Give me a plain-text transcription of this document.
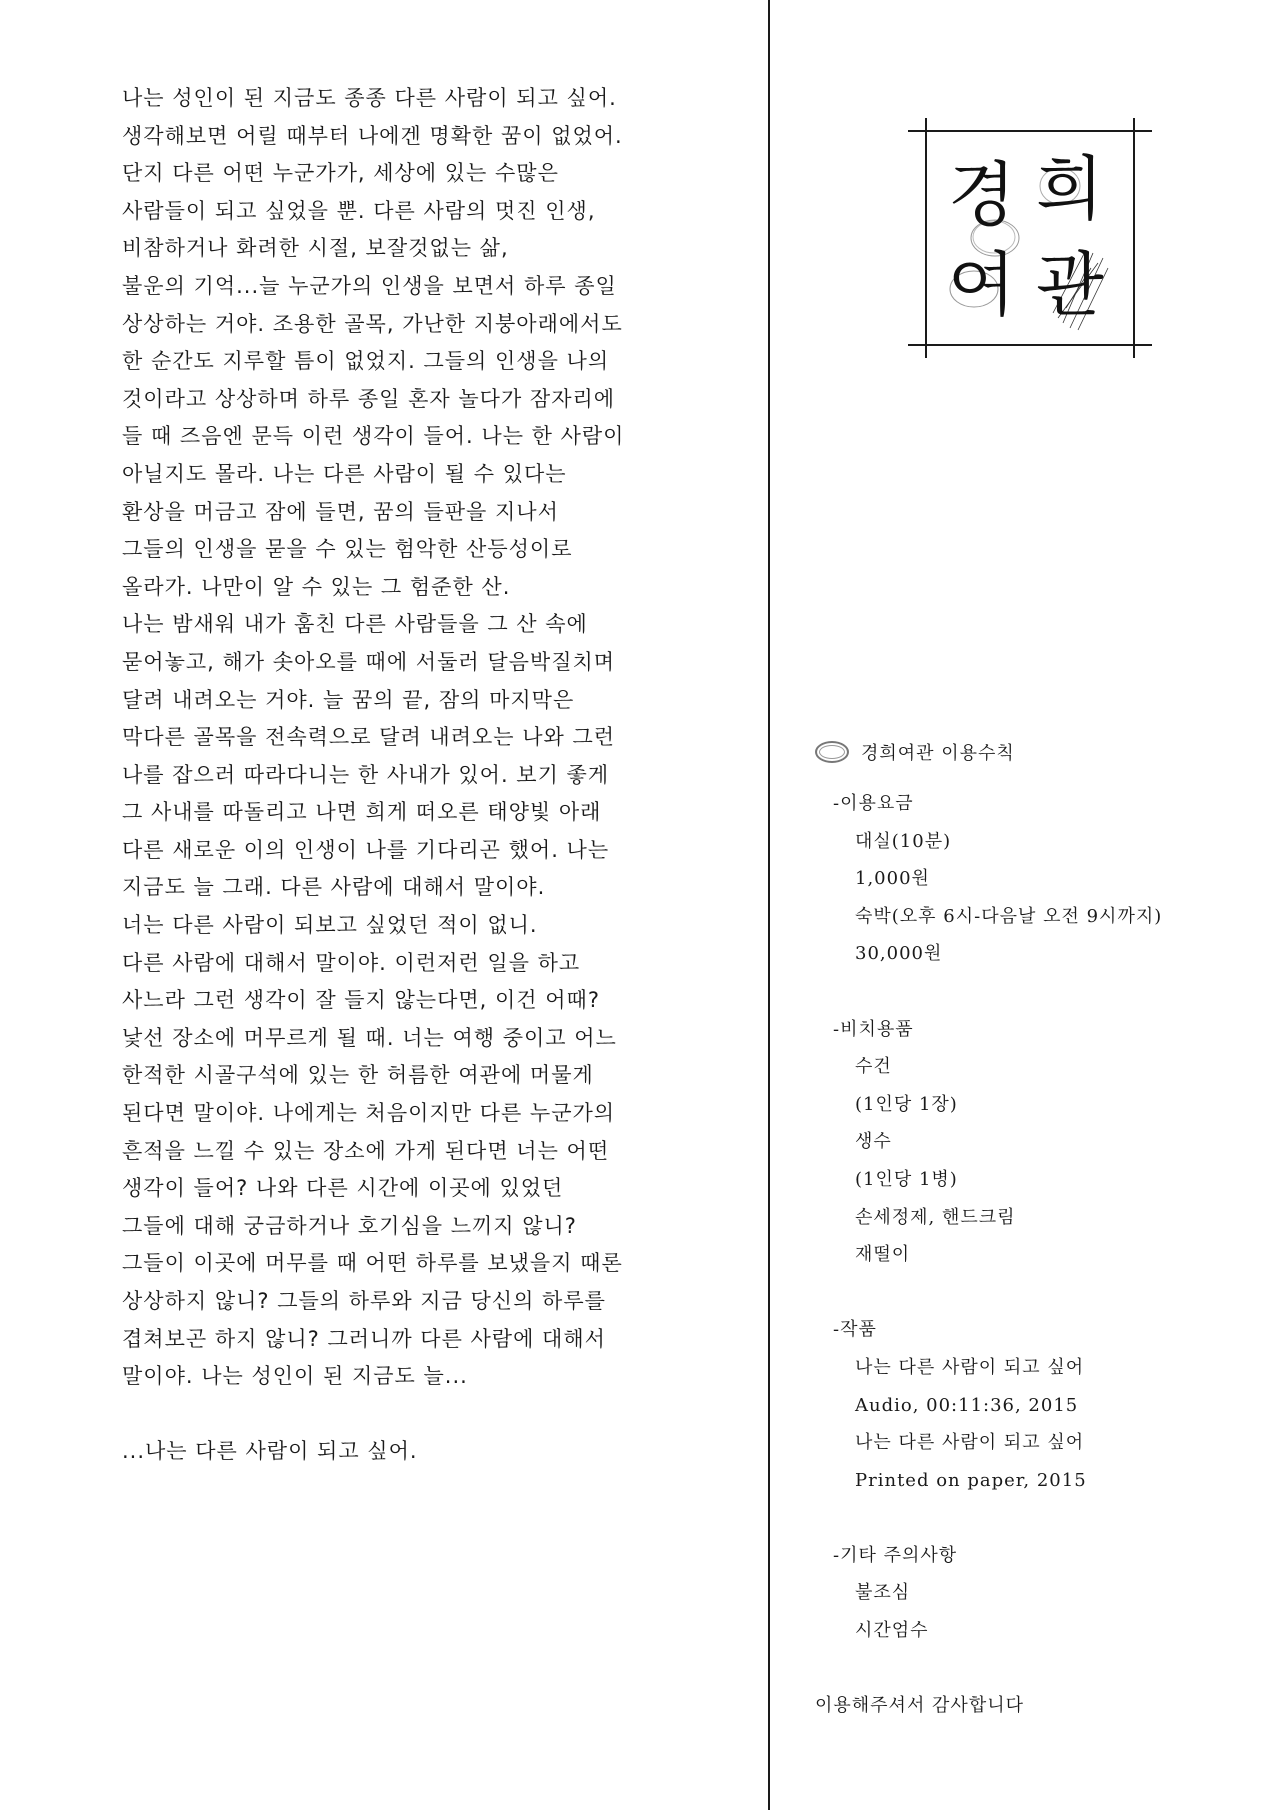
나는 성인이 된 지금도 종종 다른 사람이 되고 싶어.
생각해보면 어릴 때부터 나에겐 명확한 꿈이 없었어.
단지 다른 어떤 누군가가, 세상에 있는 수많은
사람들이 되고 싶었을 뿐. 다른 사람의 멋진 인생,
비참하거나 화려한 시절, 보잘것없는 삶,
불운의 기억...늘 누군가의 인생을 보면서 하루 종일
상상하는 거야. 조용한 골목, 가난한 지붕아래에서도
한 순간도 지루할 틈이 없었지. 그들의 인생을 나의
것이라고 상상하며 하루 종일 혼자 놀다가 잠자리에
들 때 즈음엔 문득 이런 생각이 들어. 나는 한 사람이
아닐지도 몰라. 나는 다른 사람이 될 수 있다는
환상을 머금고 잠에 들면, 꿈의 들판을 지나서
그들의 인생을 묻을 수 있는 험악한 산등성이로
올라가. 나만이 알 수 있는 그 험준한 산.
나는 밤새워 내가 훔친 다른 사람들을 그 산 속에
묻어놓고, 해가 솟아오를 때에 서둘러 달음박질치며
달려 내려오는 거야. 늘 꿈의 끝, 잠의 마지막은
막다른 골목을 전속력으로 달려 내려오는 나와 그런
나를 잡으러 따라다니는 한 사내가 있어. 보기 좋게
그 사내를 따돌리고 나면 희게 떠오른 태양빛 아래
다른 새로운 이의 인생이 나를 기다리곤 했어. 나는
지금도 늘 그래. 다른 사람에 대해서 말이야.
너는 다른 사람이 되보고 싶었던 적이 없니.
다른 사람에 대해서 말이야. 이런저런 일을 하고
사느라 그런 생각이 잘 들지 않는다면, 이건 어때?
낯선 장소에 머무르게 될 때. 너는 여행 중이고 어느
한적한 시골구석에 있는 한 허름한 여관에 머물게
된다면 말이야. 나에게는 처음이지만 다른 누군가의
흔적을 느낄 수 있는 장소에 가게 된다면 너는 어떤
생각이 들어? 나와 다른 시간에 이곳에 있었던
그들에 대해 궁금하거나 호기심을 느끼지 않니?
그들이 이곳에 머무를 때 어떤 하루를 보냈을지 때론
상상하지 않니? 그들의 하루와 지금 당신의 하루를
겹쳐보곤 하지 않니? 그러니까 다른 사람에 대해서
말이야. 나는 성인이 된 지금도 늘...
...나는 다른 사람이 되고 싶어.
경 희
여 관
경희여관 이용수칙
-이용요금
대실(10분)
1,000원
숙박(오후 6시-다음날 오전 9시까지)
30,000원
-비치용품
수건
(1인당 1장)
생수
(1인당 1병)
손세정제, 핸드크림
재떨이
-작품
나는 다른 사람이 되고 싶어
Audio, 00:11:36, 2015
나는 다른 사람이 되고 싶어
Printed on paper, 2015
-기타 주의사항
불조심
시간엄수
이용해주셔서 감사합니다
